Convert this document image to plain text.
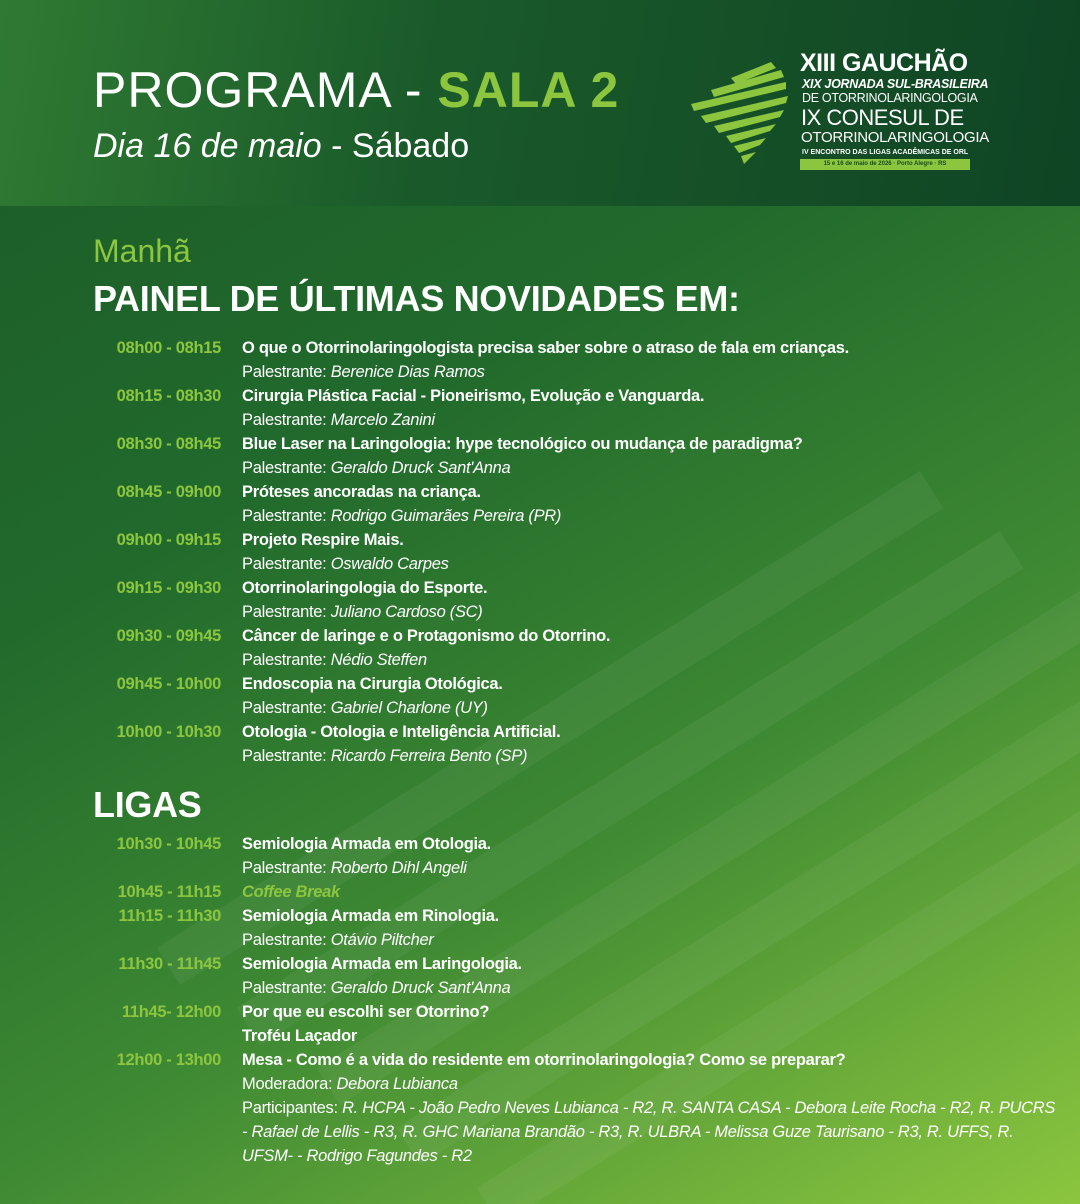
PROGRAMA - SALA 2
Dia 16 de maio - Sábado
XIII GAUCHÃO
XIX JORNADA SUL-BRASILEIRA
DE OTORRINOLARINGOLOGIA
IX CONESUL DE
OTORRINOLARINGOLOGIA
IV ENCONTRO DAS LIGAS ACADÊMICAS DE ORL
15 e 16 de maio de 2026 · Porto Alegre · RS
Manhã
PAINEL DE ÚLTIMAS NOVIDADES EM:
08h00 - 08h15 O que o Otorrinolaringologista precisa saber sobre o atraso de fala em crianças.
Palestrante: Berenice Dias Ramos
08h15 - 08h30 Cirurgia Plástica Facial - Pioneirismo, Evolução e Vanguarda.
Palestrante: Marcelo Zanini
08h30 - 08h45 Blue Laser na Laringologia: hype tecnológico ou mudança de paradigma?
Palestrante: Geraldo Druck Sant'Anna
08h45 - 09h00 Próteses ancoradas na criança.
Palestrante: Rodrigo Guimarães Pereira (PR)
09h00 - 09h15 Projeto Respire Mais.
Palestrante: Oswaldo Carpes
09h15 - 09h30 Otorrinolaringologia do Esporte.
Palestrante: Juliano Cardoso (SC)
09h30 - 09h45 Câncer de laringe e o Protagonismo do Otorrino.
Palestrante: Nédio Steffen
09h45 - 10h00 Endoscopia na Cirurgia Otológica.
Palestrante: Gabriel Charlone (UY)
10h00 - 10h30 Otologia - Otologia e Inteligência Artificial.
Palestrante: Ricardo Ferreira Bento (SP)
LIGAS
10h30 - 10h45 Semiologia Armada em Otologia.
Palestrante: Roberto Dihl Angeli
10h45 - 11h15 Coffee Break
11h15 - 11h30 Semiologia Armada em Rinologia.
Palestrante: Otávio Piltcher
11h30 - 11h45 Semiologia Armada em Laringologia.
Palestrante: Geraldo Druck Sant'Anna
11h45- 12h00 Por que eu escolhi ser Otorrino?
Troféu Laçador
12h00 - 13h00 Mesa - Como é a vida do residente em otorrinolaringologia? Como se preparar?
Moderadora: Debora Lubianca
Participantes: R. HCPA - João Pedro Neves Lubianca - R2, R. SANTA CASA - Debora Leite Rocha - R2, R. PUCRS - Rafael de Lellis - R3, R. GHC Mariana Brandão - R3, R. ULBRA - Melissa Guze Taurisano - R3, R. UFFS, R. UFSM- - Rodrigo Fagundes - R2
